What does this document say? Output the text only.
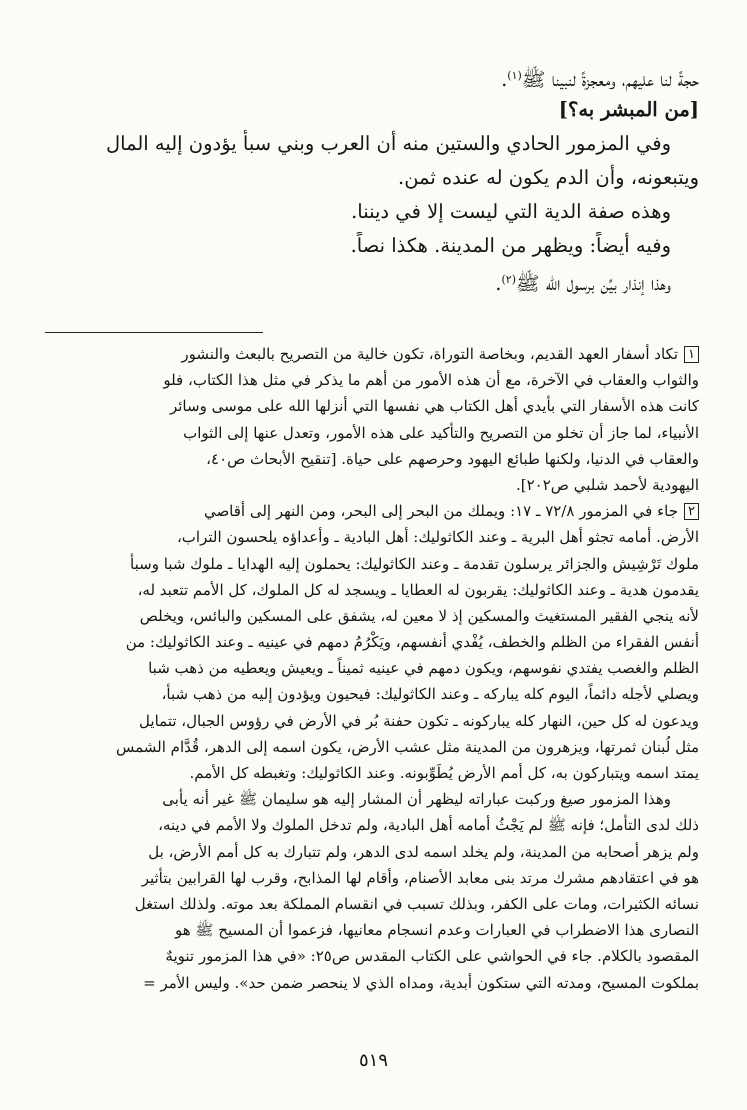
حجةً لنا عليهم، ومعجزةً لنبينا ﷺ$^{(١)}$.
[من المبشر به؟]
وفي المزمور الحادي والستين منه أن العرب وبني سبأ يؤدون إليه المال
ويتبعونه، وأن الدم يكون له عنده ثمن.
وهذه صفة الدية التي ليست إلا في ديننا.
وفيه أيضاً: ويظهر من المدينة. هكذا نصاً.
وهذا إنذار بيِّن برسول الله ﷺ$^{(٢)}$.
١تكاد أسفار العهد القديم، وبخاصة التوراة، تكون خالية من التصريح بالبعث والنشور
والثواب والعقاب في الآخرة، مع أن هذه الأمور من أهم ما يذكر في مثل هذا الكتاب، فلو
كانت هذه الأسفار التي بأيدي أهل الكتاب هي نفسها التي أنزلها الله على موسى وسائر
الأنبياء، لما جاز أن تخلو من التصريح والتأكيد على هذه الأمور، وتعدل عنها إلى الثواب
والعقاب في الدنيا، ولكنها طبائع اليهود وحرصهم على حياة. [تنقيح الأبحاث ص٤٠،
اليهودية لأحمد شلبي ص٢٠٢].
٢جاء في المزمور ٧٢/٨ ـ ١٧: ويملك من البحر إلى البحر، ومن النهر إلى أقاصي
الأرض. أمامه تجثو أهل البرية ـ وعند الكاثوليك: أهل البادية ـ وأعداؤه يلحسون التراب،
ملوك تَرْشِيش والجزائر يرسلون تقدمة ـ وعند الكاثوليك: يحملون إليه الهدايا ـ ملوك شبا وسبأ
يقدمون هدية ـ وعند الكاثوليك: يقربون له العطايا ـ ويسجد له كل الملوك، كل الأمم تتعبد له،
لأنه ينجي الفقير المستغيث والمسكين إذ لا معين له، يشفق على المسكين والبائس، ويخلص
أنفس الفقراء من الظلم والخطف، يُفْدي أنفسهم، ويَكْرُمُ دمهم في عينيه ـ وعند الكاثوليك: من
الظلم والغصب يفتدي نفوسهم، ويكون دمهم في عينيه ثميناً ـ ويعيش ويعطيه من ذهب شبا
ويصلي لأجله دائماً، اليوم كله يباركه ـ وعند الكاثوليك: فيحيون ويؤدون إليه من ذهب شبأ،
ويدعون له كل حين، النهار كله يباركونه ـ تكون حفنة بُر في الأرض في رؤوس الجبال، تتمايل
مثل لُبنان ثمرتها، ويزهرون من المدينة مثل عشب الأرض، يكون اسمه إلى الدهر، قُدَّام الشمس
يمتد اسمه ويتباركون به، كل أمم الأرض يُطَوِّبونه. وعند الكاثوليك: وتغبطه كل الأمم.
وهذا المزمور صيغ وركبت عباراته ليظهر أن المشار إليه هو سليمان ﷺ غير أنه يأبى
ذلك لدى التأمل؛ فإنه ﷺ لم يَجْثُ أمامه أهل البادية، ولم تدخل الملوك ولا الأمم في دينه،
ولم يزهر أصحابه من المدينة، ولم يخلد اسمه لدى الدهر، ولم تتبارك به كل أمم الأرض، بل
هو في اعتقادهم مشرك مرتد بنى معابد الأصنام، وأقام لها المذابح، وقرب لها القرابين بتأثير
نسائه الكثيرات، ومات على الكفر، وبذلك تسبب في انقسام المملكة بعد موته. ولذلك استغل
النصارى هذا الاضطراب في العبارات وعدم انسجام معانيها، فزعموا أن المسيح ﷺ هو
المقصود بالكلام. جاء في الحواشي على الكتاب المقدس ص٢٥: «في هذا المزمور تنويهٌ
بملكوت المسيح، ومدته التي ستكون أبدية، ومداه الذي لا ينحصر ضمن حد». وليس الأمر =
٥١٩
